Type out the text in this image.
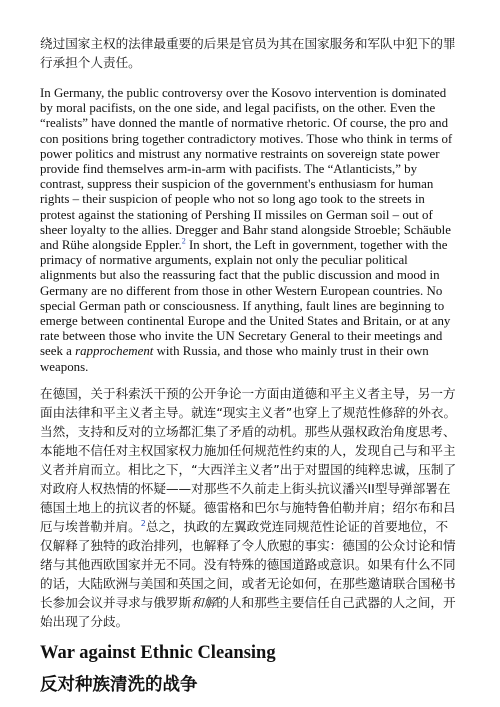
绕过国家主权的法律最重要的后果是官员为其在国家服务和军队中犯下的罪行承担个人责任。

In Germany, the public controversy over the Kosovo intervention is dominated by moral pacifists, on the one side, and legal pacifists, on the other. Even the “realists” have donned the mantle of normative rhetoric. Of course, the pro and con positions bring together contradictory motives. Those who think in terms of power politics and mistrust any normative restraints on sovereign state power provide find themselves arm-in-arm with pacifists. The “Atlanticists,” by contrast, suppress their suspicion of the government's enthusiasm for human rights – their suspicion of people who not so long ago took to the streets in protest against the stationing of Pershing II missiles on German soil – out of sheer loyalty to the allies. Dregger and Bahr stand alongside Stroeble; Schäuble and Rühe alongside Eppler.$^2$ In short, the Left in government, together with the primacy of normative arguments, explain not only the peculiar political alignments but also the reassuring fact that the public discussion and mood in Germany are no different from those in other Western European countries. No special German path or consciousness. If anything, fault lines are beginning to emerge between continental Europe and the United States and Britain, or at any rate between those who invite the UN Secretary General to their meetings and seek a rapprochement with Russia, and those who mainly trust in their own weapons.

在德国，关于科索沃干预的公开争论一方面由道德和平主义者主导，另一方面由法律和平主义者主导。就连“现实主义者”也穿上了规范性修辞的外衣。当然，支持和反对的立场都汇集了矛盾的动机。那些从强权政治角度思考、本能地不信任对主权国家权力施加任何规范性约束的人，发现自己与和平主义者并肩而立。相比之下，“大西洋主义者”出于对盟国的纯粹忠诚，压制了对政府人权热情的怀疑——对那些不久前走上街头抗议潘兴II型导弹部署在德国土地上的抗议者的怀疑。德雷格和巴尔与施特鲁伯勒并肩；绍尔布和吕厄与埃普勒并肩。$^2$总之，执政的左翼政党连同规范性论证的首要地位，不仅解释了独特的政治排列，也解释了令人欣慰的事实：德国的公众讨论和情绪与其他西欧国家并无不同。没有特殊的德国道路或意识。如果有什么不同的话，大陆欧洲与美国和英国之间，或者无论如何，在那些邀请联合国秘书长参加会议并寻求与俄罗斯和解的人和那些主要信任自己武器的人之间，开始出现了分歧。

War against Ethnic Cleansing
反对种族清洗的战争
